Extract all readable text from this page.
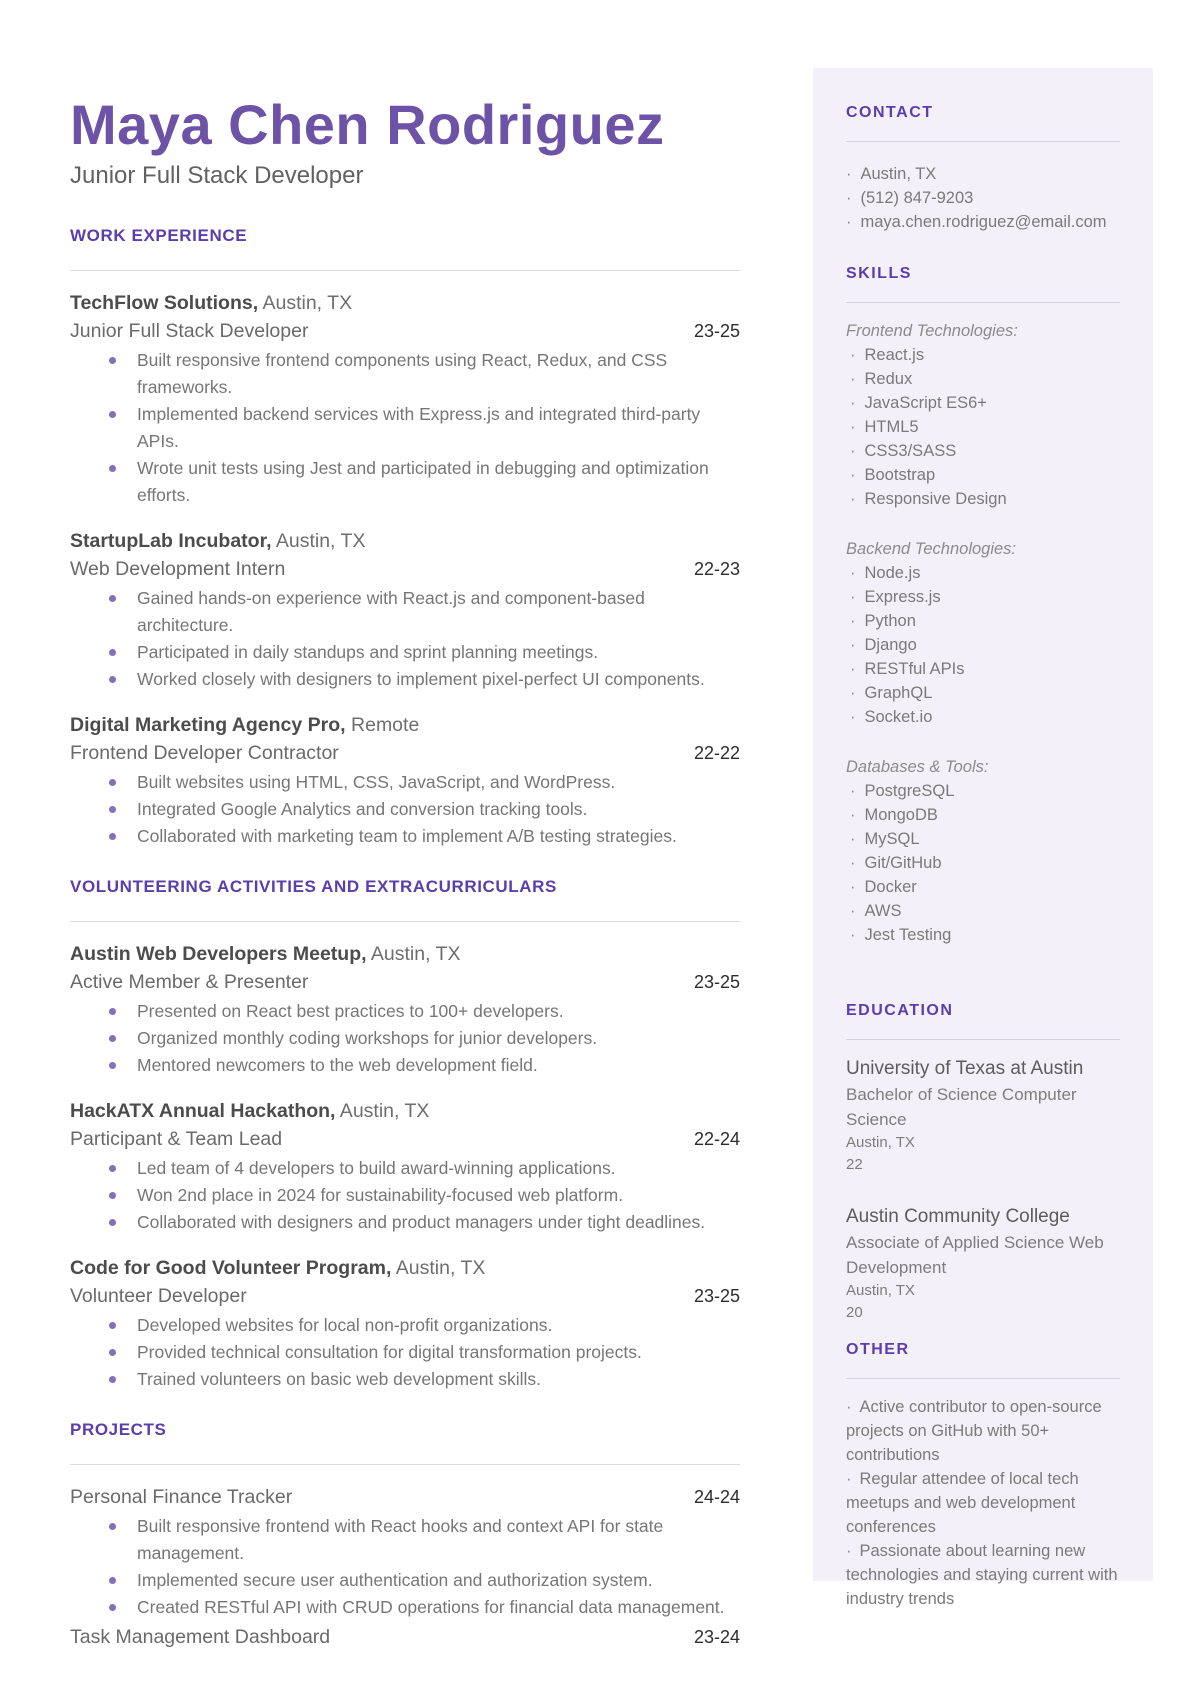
Maya Chen Rodriguez
Junior Full Stack Developer
WORK EXPERIENCE
TechFlow Solutions, Austin, TX
Junior Full Stack Developer	23-25
Built responsive frontend components using React, Redux, and CSS frameworks.
Implemented backend services with Express.js and integrated third-party APIs.
Wrote unit tests using Jest and participated in debugging and optimization efforts.
StartupLab Incubator, Austin, TX
Web Development Intern	22-23
Gained hands-on experience with React.js and component-based architecture.
Participated in daily standups and sprint planning meetings.
Worked closely with designers to implement pixel-perfect UI components.
Digital Marketing Agency Pro, Remote
Frontend Developer Contractor	22-22
Built websites using HTML, CSS, JavaScript, and WordPress.
Integrated Google Analytics and conversion tracking tools.
Collaborated with marketing team to implement A/B testing strategies.
VOLUNTEERING ACTIVITIES AND EXTRACURRICULARS
Austin Web Developers Meetup, Austin, TX
Active Member & Presenter	23-25
Presented on React best practices to 100+ developers.
Organized monthly coding workshops for junior developers.
Mentored newcomers to the web development field.
HackATX Annual Hackathon, Austin, TX
Participant & Team Lead	22-24
Led team of 4 developers to build award-winning applications.
Won 2nd place in 2024 for sustainability-focused web platform.
Collaborated with designers and product managers under tight deadlines.
Code for Good Volunteer Program, Austin, TX
Volunteer Developer	23-25
Developed websites for local non-profit organizations.
Provided technical consultation for digital transformation projects.
Trained volunteers on basic web development skills.
PROJECTS
Personal Finance Tracker	24-24
Built responsive frontend with React hooks and context API for state management.
Implemented secure user authentication and authorization system.
Created RESTful API with CRUD operations for financial data management.
Task Management Dashboard	23-24
CONTACT
· Austin, TX
· (512) 847-9203
· maya.chen.rodriguez@email.com
SKILLS
Frontend Technologies:
· React.js
· Redux
· JavaScript ES6+
· HTML5
· CSS3/SASS
· Bootstrap
· Responsive Design
Backend Technologies:
· Node.js
· Express.js
· Python
· Django
· RESTful APIs
· GraphQL
· Socket.io
Databases & Tools:
· PostgreSQL
· MongoDB
· MySQL
· Git/GitHub
· Docker
· AWS
· Jest Testing
EDUCATION
University of Texas at Austin
Bachelor of Science Computer Science
Austin, TX
22
Austin Community College
Associate of Applied Science Web Development
Austin, TX
20
OTHER
· Active contributor to open-source projects on GitHub with 50+ contributions
· Regular attendee of local tech meetups and web development conferences
· Passionate about learning new technologies and staying current with industry trends
